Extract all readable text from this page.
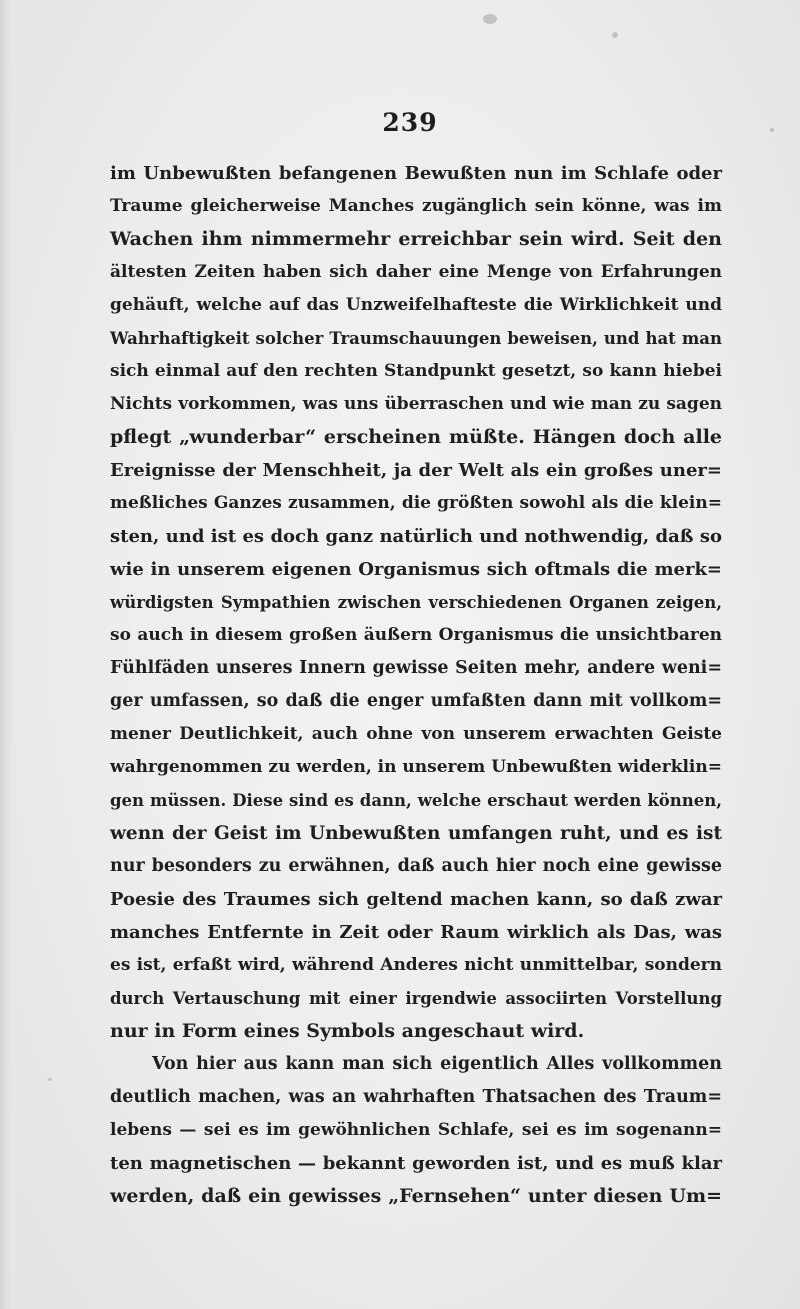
239
im Unbewußten befangenen Bewußten nun im Schlafe oder
Traume gleicherweise Manches zugänglich sein könne, was im
Wachen ihm nimmermehr erreichbar sein wird. Seit den
ältesten Zeiten haben sich daher eine Menge von Erfahrungen
gehäuft, welche auf das Unzweifelhafteste die Wirklichkeit und
Wahrhaftigkeit solcher Traumschauungen beweisen, und hat man
sich einmal auf den rechten Standpunkt gesetzt, so kann hiebei
Nichts vorkommen, was uns überraschen und wie man zu sagen
pflegt „wunderbar“ erscheinen müßte. Hängen doch alle
Ereignisse der Menschheit, ja der Welt als ein großes uner=
meßliches Ganzes zusammen, die größten sowohl als die klein=
sten, und ist es doch ganz natürlich und nothwendig, daß so
wie in unserem eigenen Organismus sich oftmals die merk=
würdigsten Sympathien zwischen verschiedenen Organen zeigen,
so auch in diesem großen äußern Organismus die unsichtbaren
Fühlfäden unseres Innern gewisse Seiten mehr, andere weni=
ger umfassen, so daß die enger umfaßten dann mit vollkom=
mener Deutlichkeit, auch ohne von unserem erwachten Geiste
wahrgenommen zu werden, in unserem Unbewußten widerklin=
gen müssen. Diese sind es dann, welche erschaut werden können,
wenn der Geist im Unbewußten umfangen ruht, und es ist
nur besonders zu erwähnen, daß auch hier noch eine gewisse
Poesie des Traumes sich geltend machen kann, so daß zwar
manches Entfernte in Zeit oder Raum wirklich als Das, was
es ist, erfaßt wird, während Anderes nicht unmittelbar, sondern
durch Vertauschung mit einer irgendwie associirten Vorstellung
nur in Form eines Symbols angeschaut wird.
Von hier aus kann man sich eigentlich Alles vollkommen
deutlich machen, was an wahrhaften Thatsachen des Traum=
lebens — sei es im gewöhnlichen Schlafe, sei es im sogenann=
ten magnetischen — bekannt geworden ist, und es muß klar
werden, daß ein gewisses „Fernsehen“ unter diesen Um=
